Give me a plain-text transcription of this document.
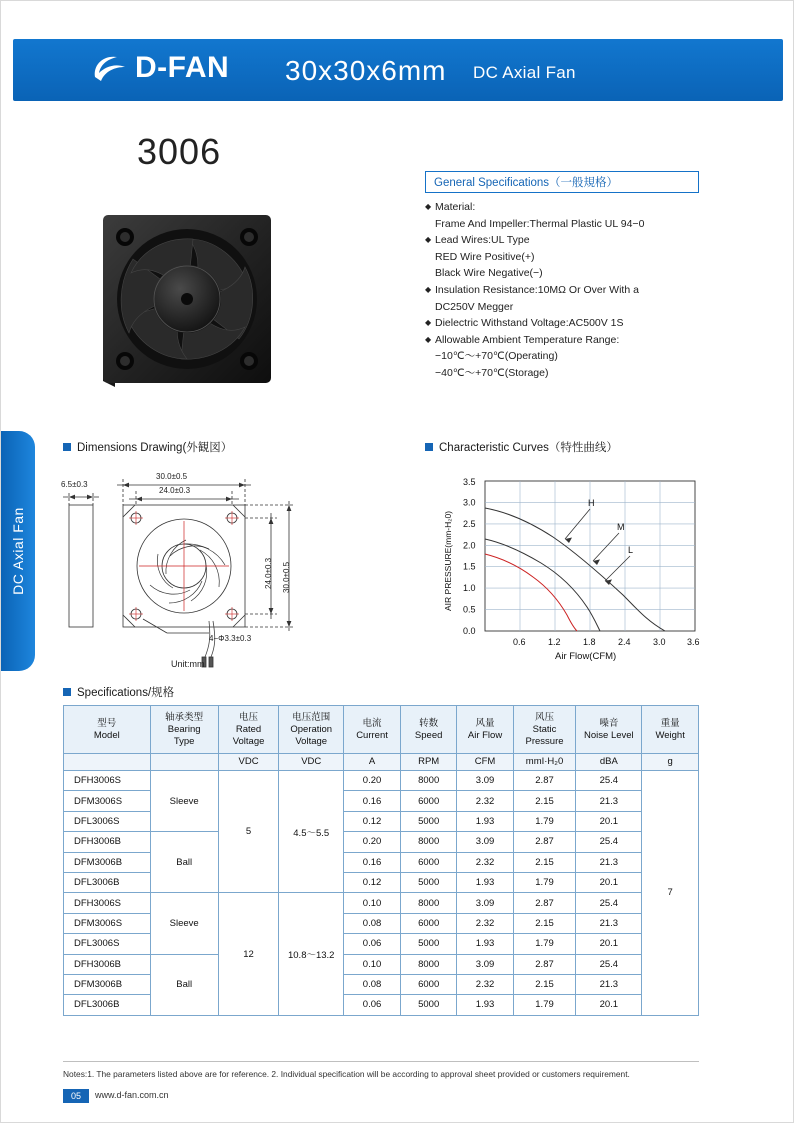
D-FAN 30x30x6mm DC Axial Fan
DC Axial Fan
3006
General Specifications（一般規格）
◆ Material:
Frame And Impeller:Thermal Plastic UL 94−0
◆ Lead Wires:UL Type
RED Wire Positive(+)
Black Wire Negative(−)
◆ Insulation Resistance:10MΩ Or Over With a
DC250V Megger
◆ Dielectric Withstand Voltage:AC500V 1S
◆ Allowable Ambient Temperature Range:
−10℃～+70℃(Operating)
−40℃～+70℃(Storage)
Dimensions Drawing(外観図）	Characteristic Curves（特性曲线）
Specifications/规格
6.5±0.3
30.0±0.5
24.0±0.3
4−Φ3.3±0.3
24.0±0.3 30.0±0.5
Unit:mm
H
M
L
0.0
0.5
1.0
1.5
2.0
2.5
3.0
3.5
0.6 1.2 1.8 2.4 3.0 3.6
Air Flow(CFM)
AIR PRESSURE(mm-H₂0)
型号
Model

轴承类型
Bearing
Type

电压
Rated
Voltage

电压范围
Operation
Voltage

电流
Current

转数
Speed

风量
Air Flow

风压
Static
Pressure

噪音
Noise Level

重量
Weight

		VDC	VDC	A	RPM	CFM	mmI·H₂0	dBA	g
DFH3006S	Sleeve	5	4.5～5.5	0.20	8000	3.09	2.87	25.4	7
DFM3006S				0.16	6000	2.32	2.15	21.3	
DFL3006S				0.12	5000	1.93	1.79	20.1	
DFH3006B	Ball			0.20	8000	3.09	2.87	25.4	
DFM3006B				0.16	6000	2.32	2.15	21.3	
DFL3006B				0.12	5000	1.93	1.79	20.1	
DFH3006S	Sleeve	12	10.8～13.2	0.10	8000	3.09	2.87	25.4	
DFM3006S				0.08	6000	2.32	2.15	21.3	
DFL3006S				0.06	5000	1.93	1.79	20.1	
DFH3006B	Ball			0.10	8000	3.09	2.87	25.4	
DFM3006B				0.08	6000	2.32	2.15	21.3	
DFL3006B				0.06	5000	1.93	1.79	20.1	
Notes:1. The parameters listed above are for reference. 2. Individual specification will be according to approval sheet provided or customers requirement.
05	www.d-fan.com.cn
